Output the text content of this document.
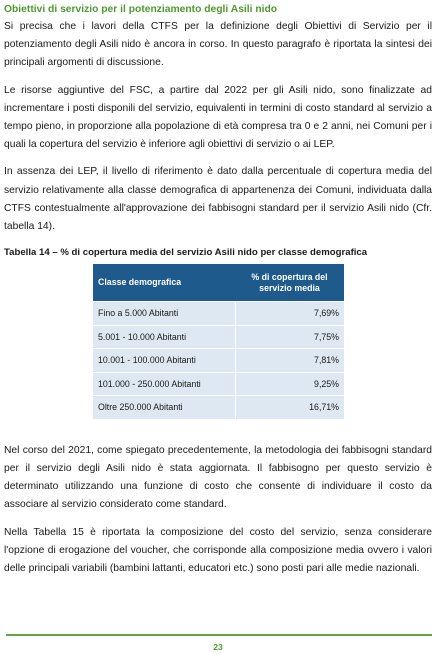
Obiettivi di servizio per il potenziamento degli Asili nido

Si precisa che i lavori della CTFS per la definizione degli Obiettivi di Servizio per il potenziamento degli Asili nido è ancora in corso. In questo paragrafo è riportata la sintesi dei principali argomenti di discussione.

Le risorse aggiuntive del FSC, a partire dal 2022 per gli Asili nido, sono finalizzate ad incrementare i posti disponili del servizio, equivalenti in termini di costo standard al servizio a tempo pieno, in proporzione alla popolazione di età compresa tra 0 e 2 anni, nei Comuni per i quali la copertura del servizio è inferiore agli obiettivi di servizio o ai LEP.

In assenza dei LEP, il livello di riferimento è dato dalla percentuale di copertura media del servizio relativamente alla classe demografica di appartenenza dei Comuni, individuata dalla CTFS contestualmente all'approvazione dei fabbisogni standard per il servizio Asili nido (Cfr. tabella 14).

Tabella 14 – % di copertura media del servizio Asili nido per classe demografica
Classe demografica	% di copertura del servizio media
Fino a 5.000 Abitanti	7,69%
5.001 - 10.000 Abitanti	7,75%
10.001 - 100.000 Abitanti	7,81%
101.000 - 250.000 Abitanti	9,25%
Oltre 250.000 Abitanti	16,71%

Nel corso del 2021, come spiegato precedentemente, la metodologia dei fabbisogni standard per il servizio degli Asili nido è stata aggiornata. Il fabbisogno per questo servizio è determinato utilizzando una funzione di costo che consente di individuare il costo da associare al servizio considerato come standard.

Nella Tabella 15 è riportata la composizione del costo del servizio, senza considerare l'opzione di erogazione del voucher, che corrisponde alla composizione media ovvero i valori delle principali variabili (bambini lattanti, educatori etc.) sono posti pari alle medie nazionali.

23
